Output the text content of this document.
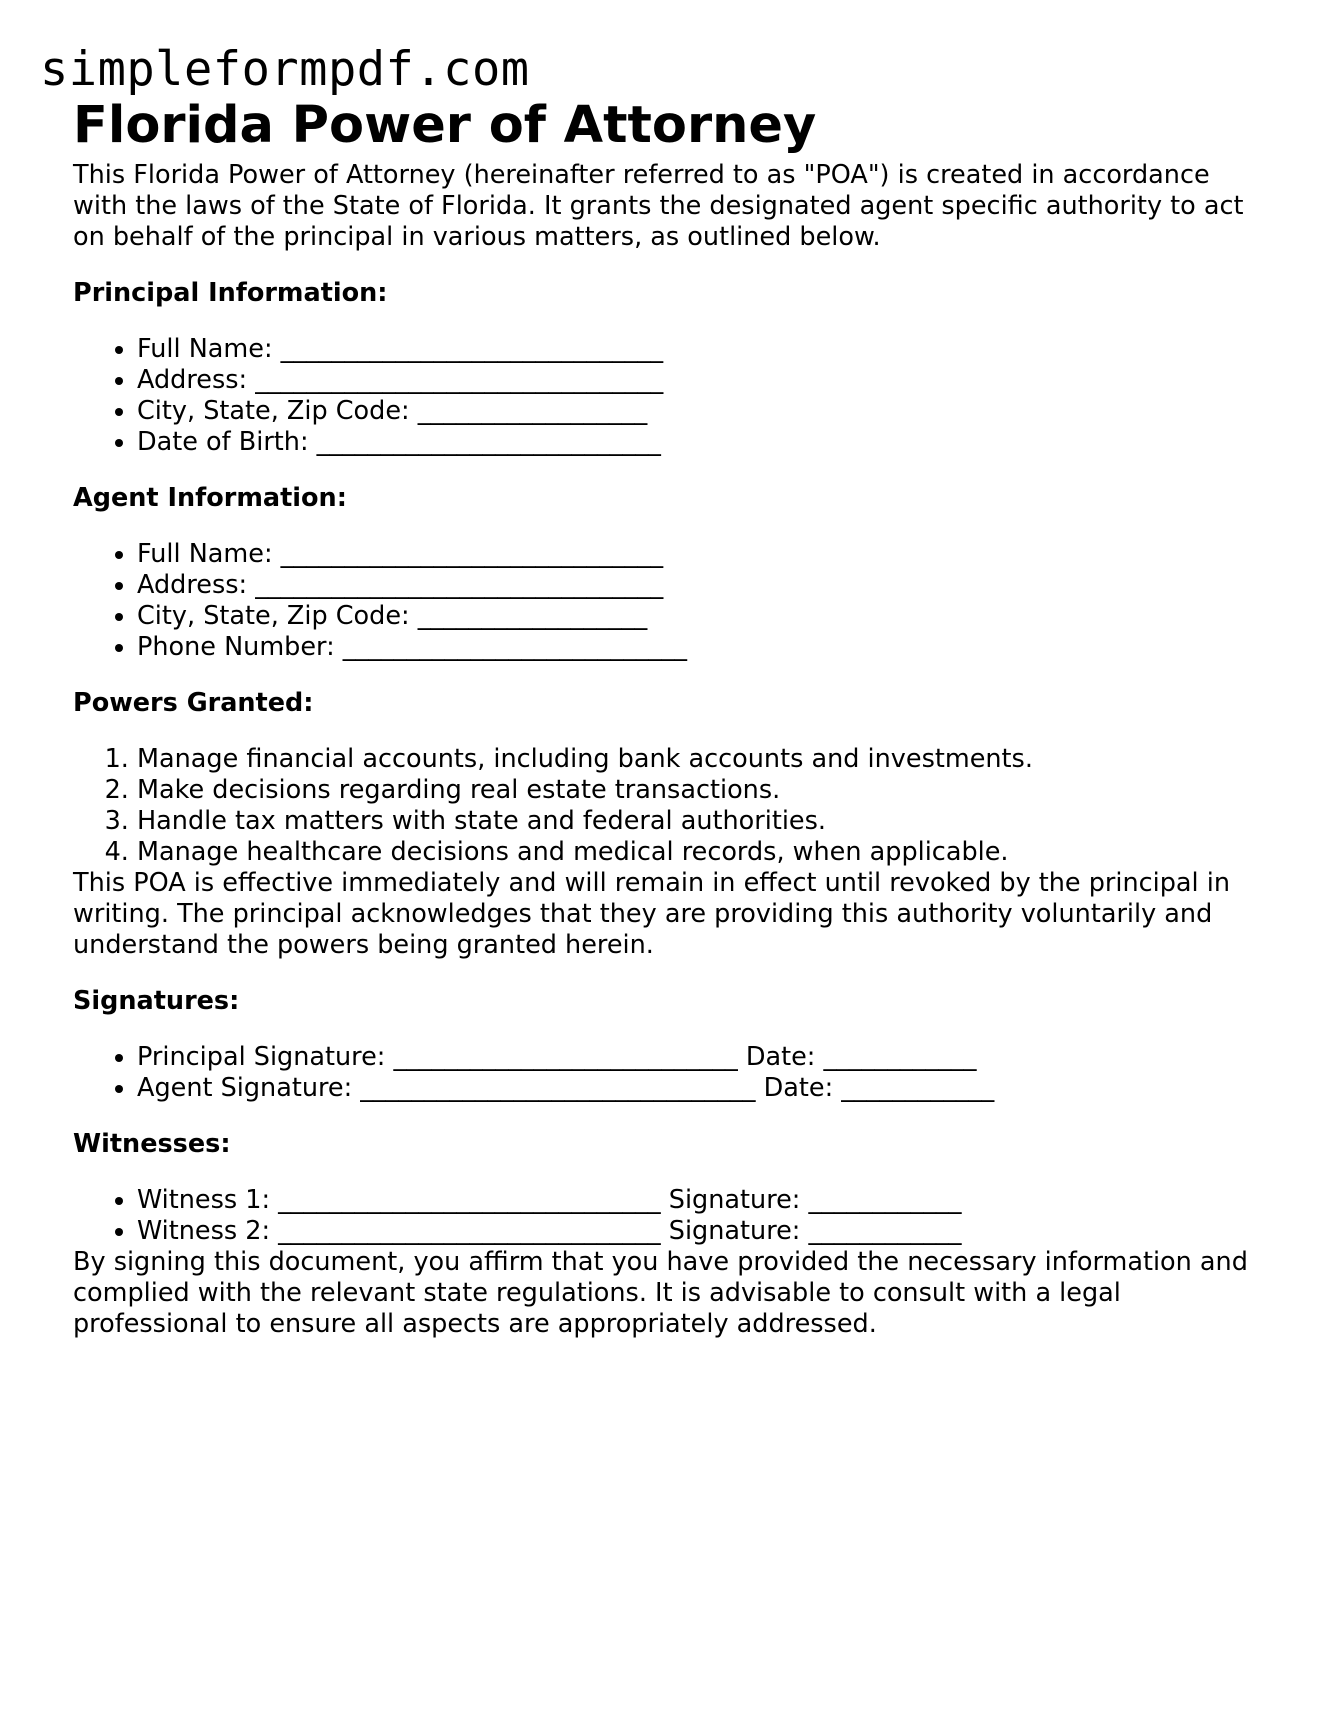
simpleformpdf.com
Florida Power of Attorney

This Florida Power of Attorney (hereinafter referred to as "POA") is created in accordance with the laws of the State of Florida. It grants the designated agent specific authority to act on behalf of the principal in various matters, as outlined below.

Principal Information:
• Full Name: ______________________________
• Address: ________________________________
• City, State, Zip Code: __________________
• Date of Birth: ___________________________
Agent Information:
• Full Name: ______________________________
• Address: ________________________________
• City, State, Zip Code: __________________
• Phone Number: ___________________________
Powers Granted:
1. Manage financial accounts, including bank accounts and investments.
2. Make decisions regarding real estate transactions.
3. Handle tax matters with state and federal authorities.
4. Manage healthcare decisions and medical records, when applicable.

This POA is effective immediately and will remain in effect until revoked by the principal in writing. The principal acknowledges that they are providing this authority voluntarily and understand the powers being granted herein.

Signatures:
• Principal Signature: ___________________________ Date: ____________
• Agent Signature: _______________________________ Date: ____________
Witnesses:
• Witness 1: ______________________________ Signature: ____________
• Witness 2: ______________________________ Signature: ____________

By signing this document, you affirm that you have provided the necessary information and complied with the relevant state regulations. It is advisable to consult with a legal professional to ensure all aspects are appropriately addressed.
